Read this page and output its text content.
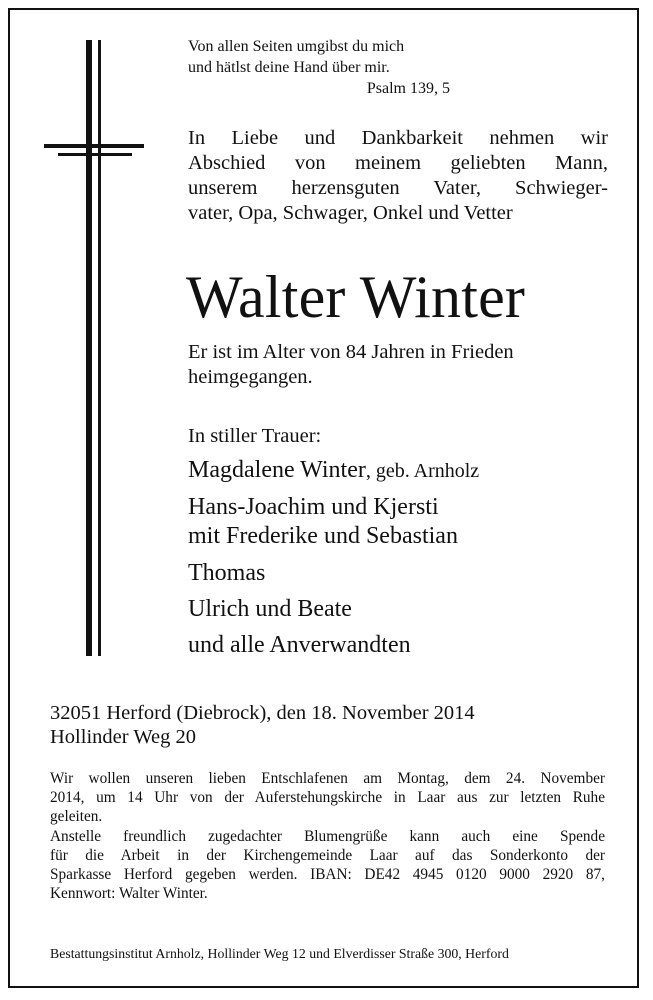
Von allen Seiten umgibst du mich
und hätlst deine Hand über mir.
Psalm 139, 5
In Liebe und Dankbarkeit nehmen wir
Abschied von meinem geliebten Mann,
unserem herzensguten Vater, Schwieger-
vater, Opa, Schwager, Onkel und Vetter
Walter Winter
Er ist im Alter von 84 Jahren in Frieden
heimgegangen.
In stiller Trauer:
Magdalene Winter, geb. Arnholz
Hans-Joachim und Kjersti
mit Frederike und Sebastian
Thomas
Ulrich und Beate
und alle Anverwandten
32051 Herford (Diebrock), den 18. November 2014
Hollinder Weg 20
Wir wollen unseren lieben Entschlafenen am Montag, dem 24. November
2014, um 14 Uhr von der Auferstehungskirche in Laar aus zur letzten Ruhe
geleiten.
Anstelle freundlich zugedachter Blumengrüße kann auch eine Spende
für die Arbeit in der Kirchengemeinde Laar auf das Sonderkonto der
Sparkasse Herford gegeben werden. IBAN: DE42 4945 0120 9000 2920 87,
Kennwort: Walter Winter.
Bestattungsinstitut Arnholz, Hollinder Weg 12 und Elverdisser Straße 300, Herford
